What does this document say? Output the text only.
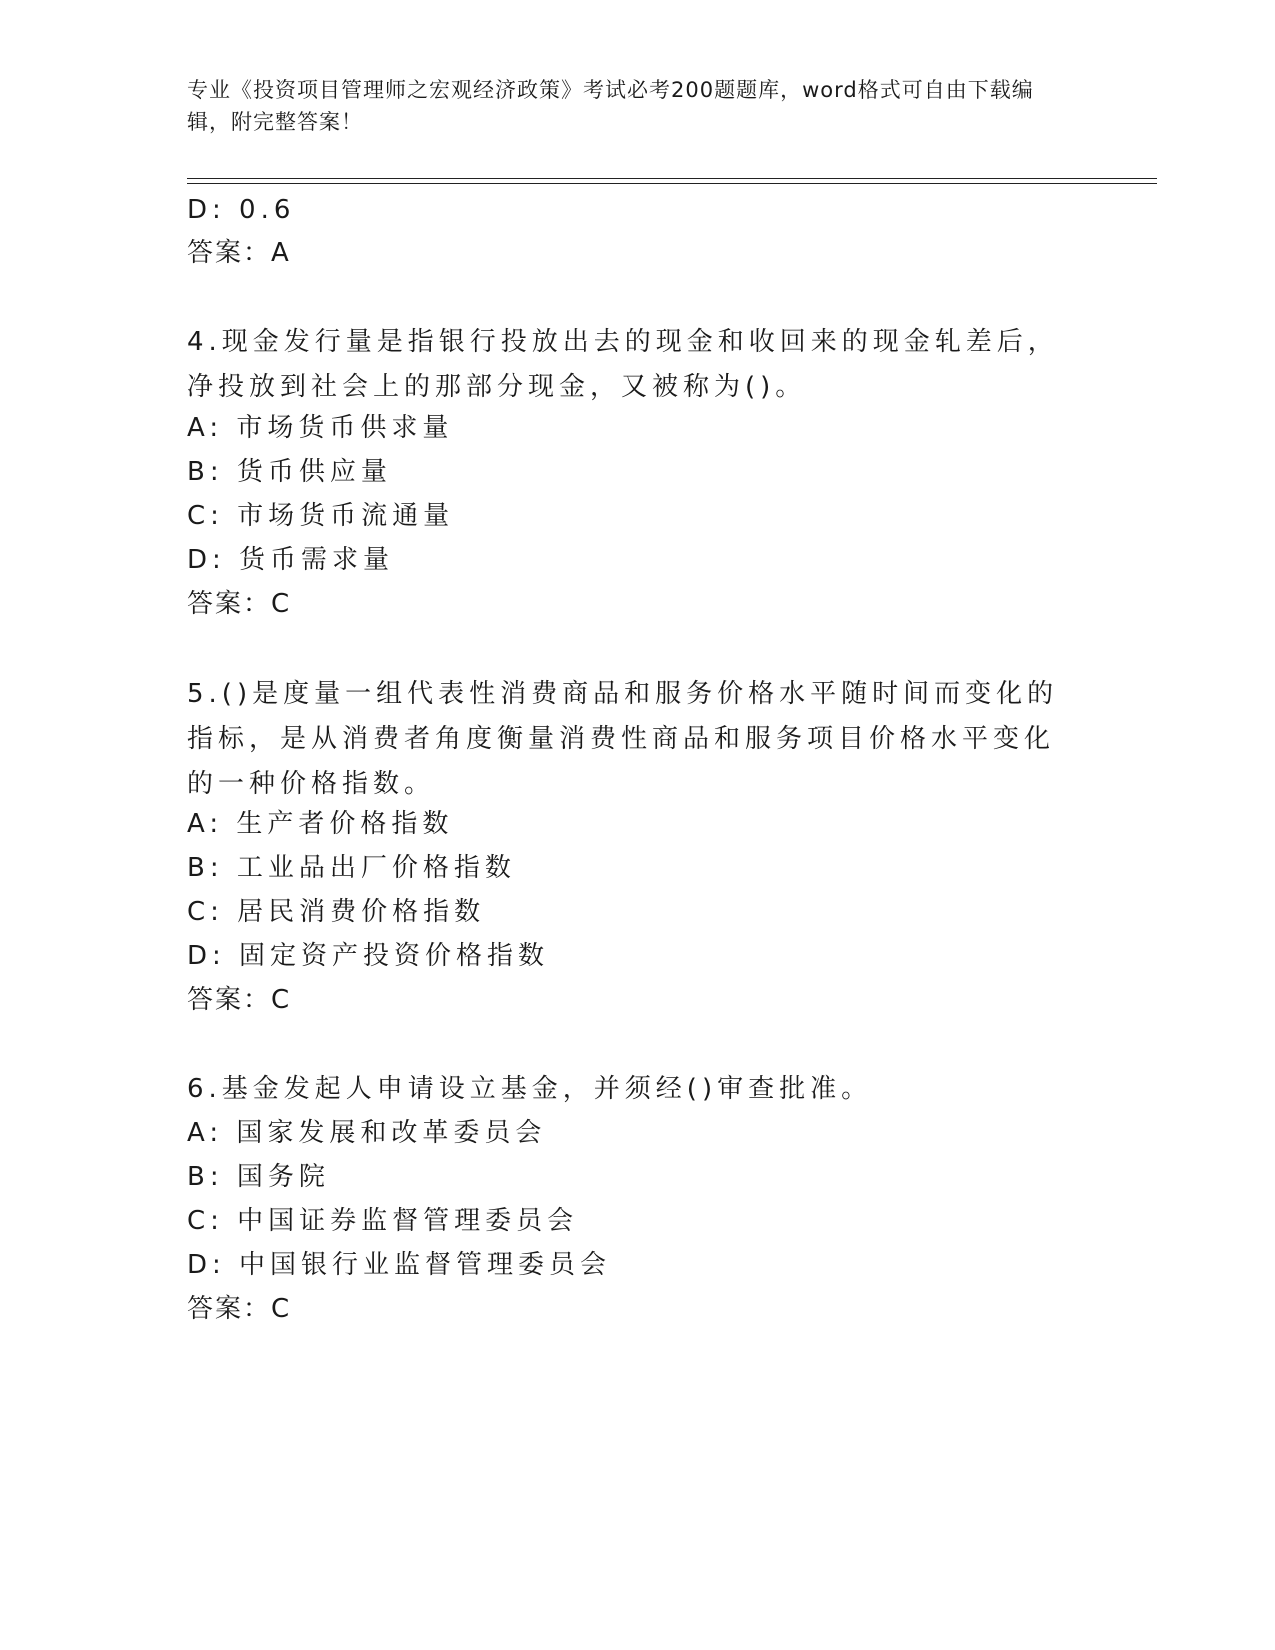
专业《投资项目管理师之宏观经济政策》考试必考200题题库，word格式可自由下载编辑，附完整答案！
D: 0.6
答案：A
4.现金发行量是指银行投放出去的现金和收回来的现金轧差后，净投放到社会上的那部分现金，又被称为()。
A: 市场货币供求量
B: 货币供应量
C: 市场货币流通量
D: 货币需求量
答案：C
5.()是度量一组代表性消费商品和服务价格水平随时间而变化的指标，是从消费者角度衡量消费性商品和服务项目价格水平变化的一种价格指数。
A: 生产者价格指数
B: 工业品出厂价格指数
C: 居民消费价格指数
D: 固定资产投资价格指数
答案：C
6.基金发起人申请设立基金，并须经()审查批准。
A: 国家发展和改革委员会
B: 国务院
C: 中国证券监督管理委员会
D: 中国银行业监督管理委员会
答案：C
